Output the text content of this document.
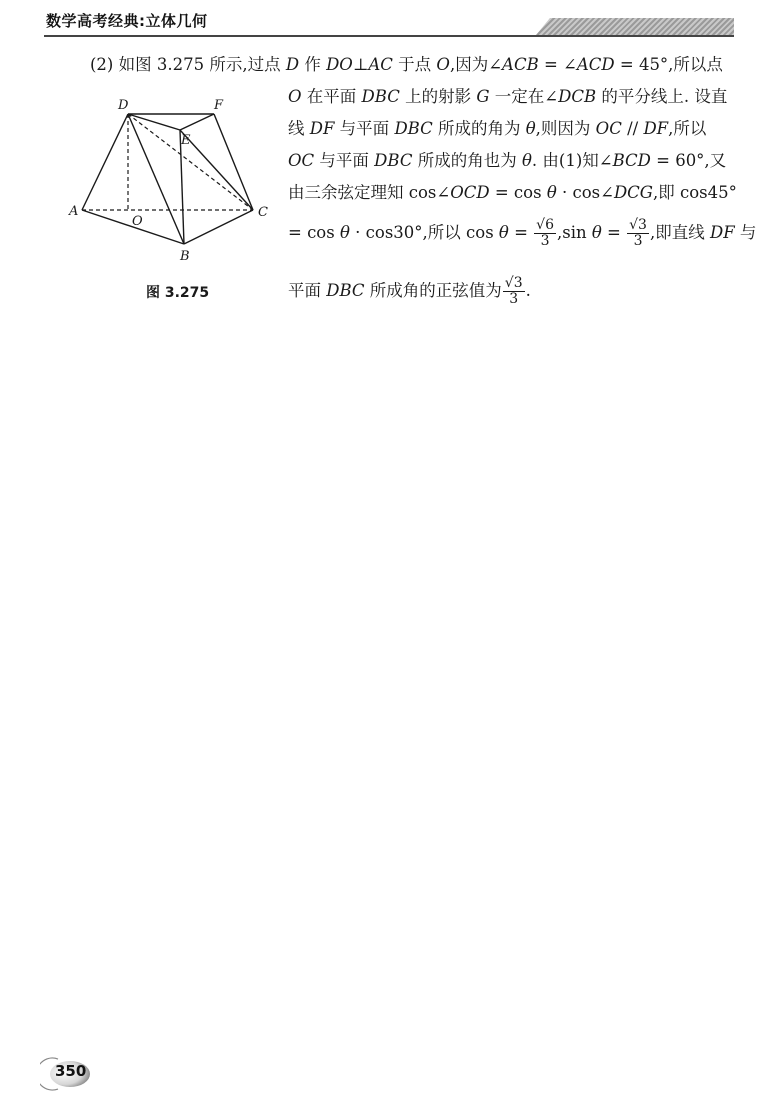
数学高考经典:立体几何
(2) 如图 3.275 所示,过点 D 作 DO⊥AC 于点 O,因为∠ACB = ∠ACD = 45°,所以点
O 在平面 DBC 上的射影 G 一定在∠DCB 的平分线上. 设直
线 DF 与平面 DBC 所成的角为 θ,则因为 OC // DF,所以
OC 与平面 DBC 所成的角也为 θ. 由(1)知∠BCD = 60°,又
由三余弦定理知 cos∠OCD = cos θ · cos∠DCG,即 cos45°
= cos θ · cos30°,所以 $\cos \theta = \frac{√6}{3} ,\sin$ $\theta = \frac{√3}{3}$ ,即直线 DF 与
平面 DBC 所成角的正弦值为 $\frac{√3}{3}$ .
D	F
E
A
O
C
B
图 3.275
350
